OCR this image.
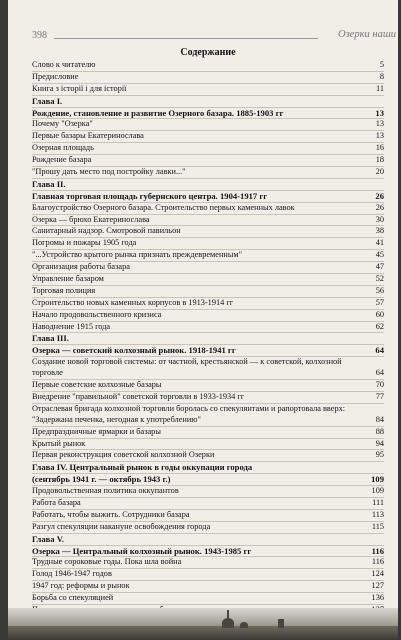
398	Озерки наши
Содержание
Слово к читателю	5
Предисловие	8
Книга з історії і для історії	11
Глава I.
Рождение, становление и развитие Озерного базара. 1885-1903 гг	13
Почему "Озерка"	13
Первые базары Екатеринослава	13
Озерная площадь	16
Рождение базара	18
"Прошу дать место под постройку лавки..."	20
Глава II.
Главная торговая площадь губернского центра. 1904-1917 гг	26
Благоустройство Озерного базара. Строительство первых каменных лавок	26
Озерка — брюхо Екатеринослава	30
Санитарный надзор. Смотровой павильон	38
Погромы и пожары 1905 года	41
"...Устройство крытого рынка признать преждевременным"	45
Организация работы базара	47
Управление базаром	52
Торговая полиция	56
Строительство новых каменных корпусов в 1913-1914 гг	57
Начало продовольственного кризиса	60
Наводнение 1915 года	62
Глава III.
Озерка — советский колхозный рынок. 1918-1941 гг	64
Создание новой торговой системы: от частной, крестьянской — к советской, колхозной торговле	64
Первые советские колхозные базары	70
Внедрение "правильной" советской торговли в 1933-1934 гг	77
Отраслевая бригада колхозной торговли боролась со спекулянтами и рапортовала вверх: "Задержана печенка, негодная к употреблению"	84
Предпраздничные ярмарки и базары	88
Крытый рынок	94
Первая реконструкция советской колхозной Озерки	95
Глава IV. Центральный рынок в годы оккупации города
(сентябрь 1941 г. — октябрь 1943 г.)	109
Продовольственная политика оккупантов	109
Работа базара	111
Работать, чтобы выжить. Сотрудники базара	113
Разгул спекуляции накануне освобождения города	115
Глава V.
Озерка — Центральный колхозный рынок. 1943-1985 гг	116
Трудные сороковые годы. Пока шла война	116
Голод 1946-1947 годов	124
1947 год: реформы и рынок	127
Борьба со спекуляцией	136
